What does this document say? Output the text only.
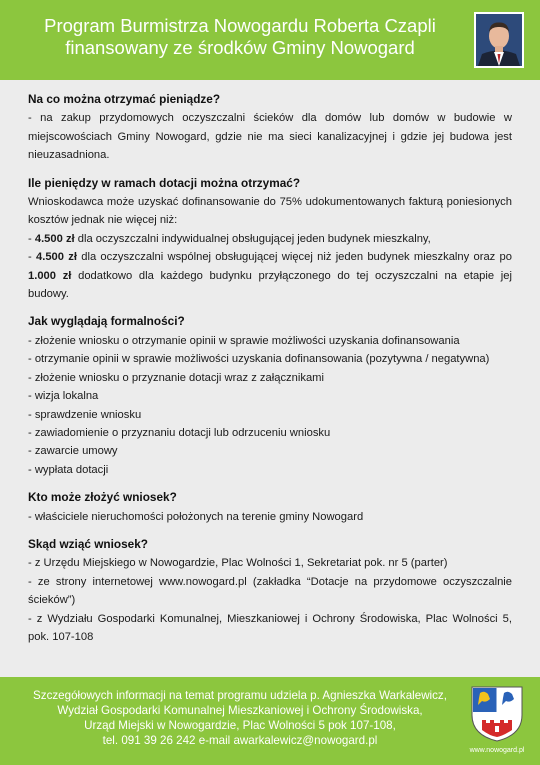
Program Burmistrza Nowogardu Roberta Czapli
finansowany ze środków Gminy Nowogard
Na co można otrzymać pieniądze?

- na zakup przydomowych oczyszczalni ścieków dla domów lub domów w budowie w miejscowościach Gminy Nowogard, gdzie nie ma sieci kanalizacyjnej i gdzie jej budowa jest nieuzasadniona.

Ile pieniędzy w ramach dotacji można otrzymać?

Wnioskodawca może uzyskać dofinansowanie do 75% udokumentowanych fakturą poniesionych kosztów jednak nie więcej niż:

- 4.500 zł dla oczyszczalni indywidualnej obsługującej jeden budynek mieszkalny,

- 4.500 zł dla oczyszczalni wspólnej obsługującej więcej niż jeden budynek mieszkalny oraz po 1.000 zł dodatkowo dla każdego budynku przyłączonego do tej oczyszczalni na etapie jej budowy.

Jak wyglądają formalności?

- złożenie wniosku o otrzymanie opinii w sprawie możliwości uzyskania dofinansowania

- otrzymanie opinii w sprawie możliwości uzyskania dofinansowania (pozytywna / negatywna)

- złożenie wniosku o przyznanie dotacji wraz z załącznikami

- wizja lokalna

- sprawdzenie wniosku

- zawiadomienie o przyznaniu dotacji lub odrzuceniu wniosku

- zawarcie umowy

- wypłata dotacji

Kto może złożyć wniosek?

- właściciele nieruchomości położonych na terenie gminy Nowogard

Skąd wziąć wniosek?

- z Urzędu Miejskiego w Nowogardzie, Plac Wolności 1, Sekretariat pok. nr 5 (parter)

- ze strony internetowej www.nowogard.pl (zakładka “Dotacje na przydomowe oczyszczalnie ścieków”)

- z Wydziału Gospodarki Komunalnej, Mieszkaniowej i Ochrony Środowiska, Plac Wolności 5, pok. 107-108

Szczegółowych informacji na temat programu udziela p. Agnieszka Warkalewicz,
Wydział Gospodarki Komunalnej Mieszkaniowej i Ochrony Środowiska,
Urząd Miejski w Nowogardzie, Plac Wolności 5 pok 107-108,
tel. 091 39 26 242 e-mail awarkalewicz@nowogard.pl
www.nowogard.pl
